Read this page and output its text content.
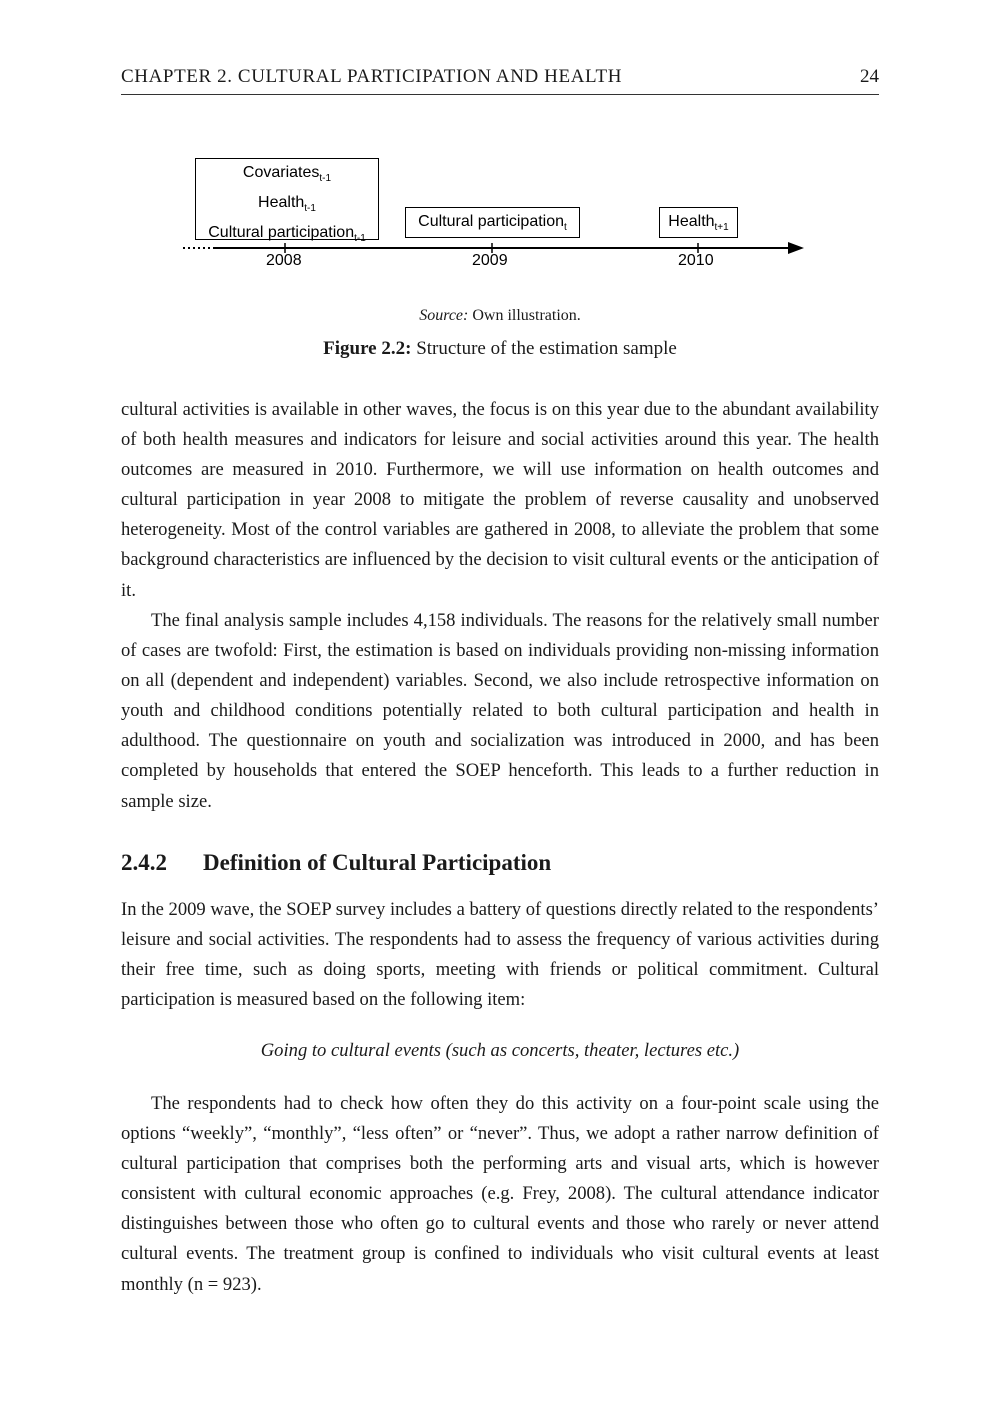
CHAPTER 2. CULTURAL PARTICIPATION AND HEALTH	24
Covariates$_{t-1}$
Health$_{t-1}$
Cultural participation$_{t-1}$
Cultural participation$_t$	Health$_{t+1}$
2008	2009	2010
Source: Own illustration.
Figure 2.2: Structure of the estimation sample

cultural activities is available in other waves, the focus is on this year due to the abundant availability of both health measures and indicators for leisure and social activities around this year. The health outcomes are measured in 2010. Furthermore, we will use information on health outcomes and cultural participation in year 2008 to mitigate the problem of reverse causality and unobserved heterogeneity. Most of the control variables are gathered in 2008, to alleviate the problem that some background characteristics are influenced by the decision to visit cultural events or the anticipation of it.

The final analysis sample includes 4,158 individuals. The reasons for the relatively small number of cases are twofold: First, the estimation is based on individuals providing non-missing information on all (dependent and independent) variables. Second, we also include retrospective information on youth and childhood conditions potentially related to both cultural participation and health in adulthood. The questionnaire on youth and socialization was introduced in 2000, and has been completed by households that entered the SOEP henceforth. This leads to a further reduction in sample size.

2.4.2 Definition of Cultural Participation

In the 2009 wave, the SOEP survey includes a battery of questions directly related to the respondents’ leisure and social activities. The respondents had to assess the frequency of various activities during their free time, such as doing sports, meeting with friends or political commitment. Cultural participation is measured based on the following item:

Going to cultural events (such as concerts, theater, lectures etc.)

The respondents had to check how often they do this activity on a four-point scale using the options “weekly”, “monthly”, “less often” or “never”. Thus, we adopt a rather narrow definition of cultural participation that comprises both the performing arts and visual arts, which is however consistent with cultural economic approaches (e.g. Frey, 2008). The cultural attendance indicator distinguishes between those who often go to cultural events and those who rarely or never attend cultural events. The treatment group is confined to individuals who visit cultural events at least monthly (n = 923).
